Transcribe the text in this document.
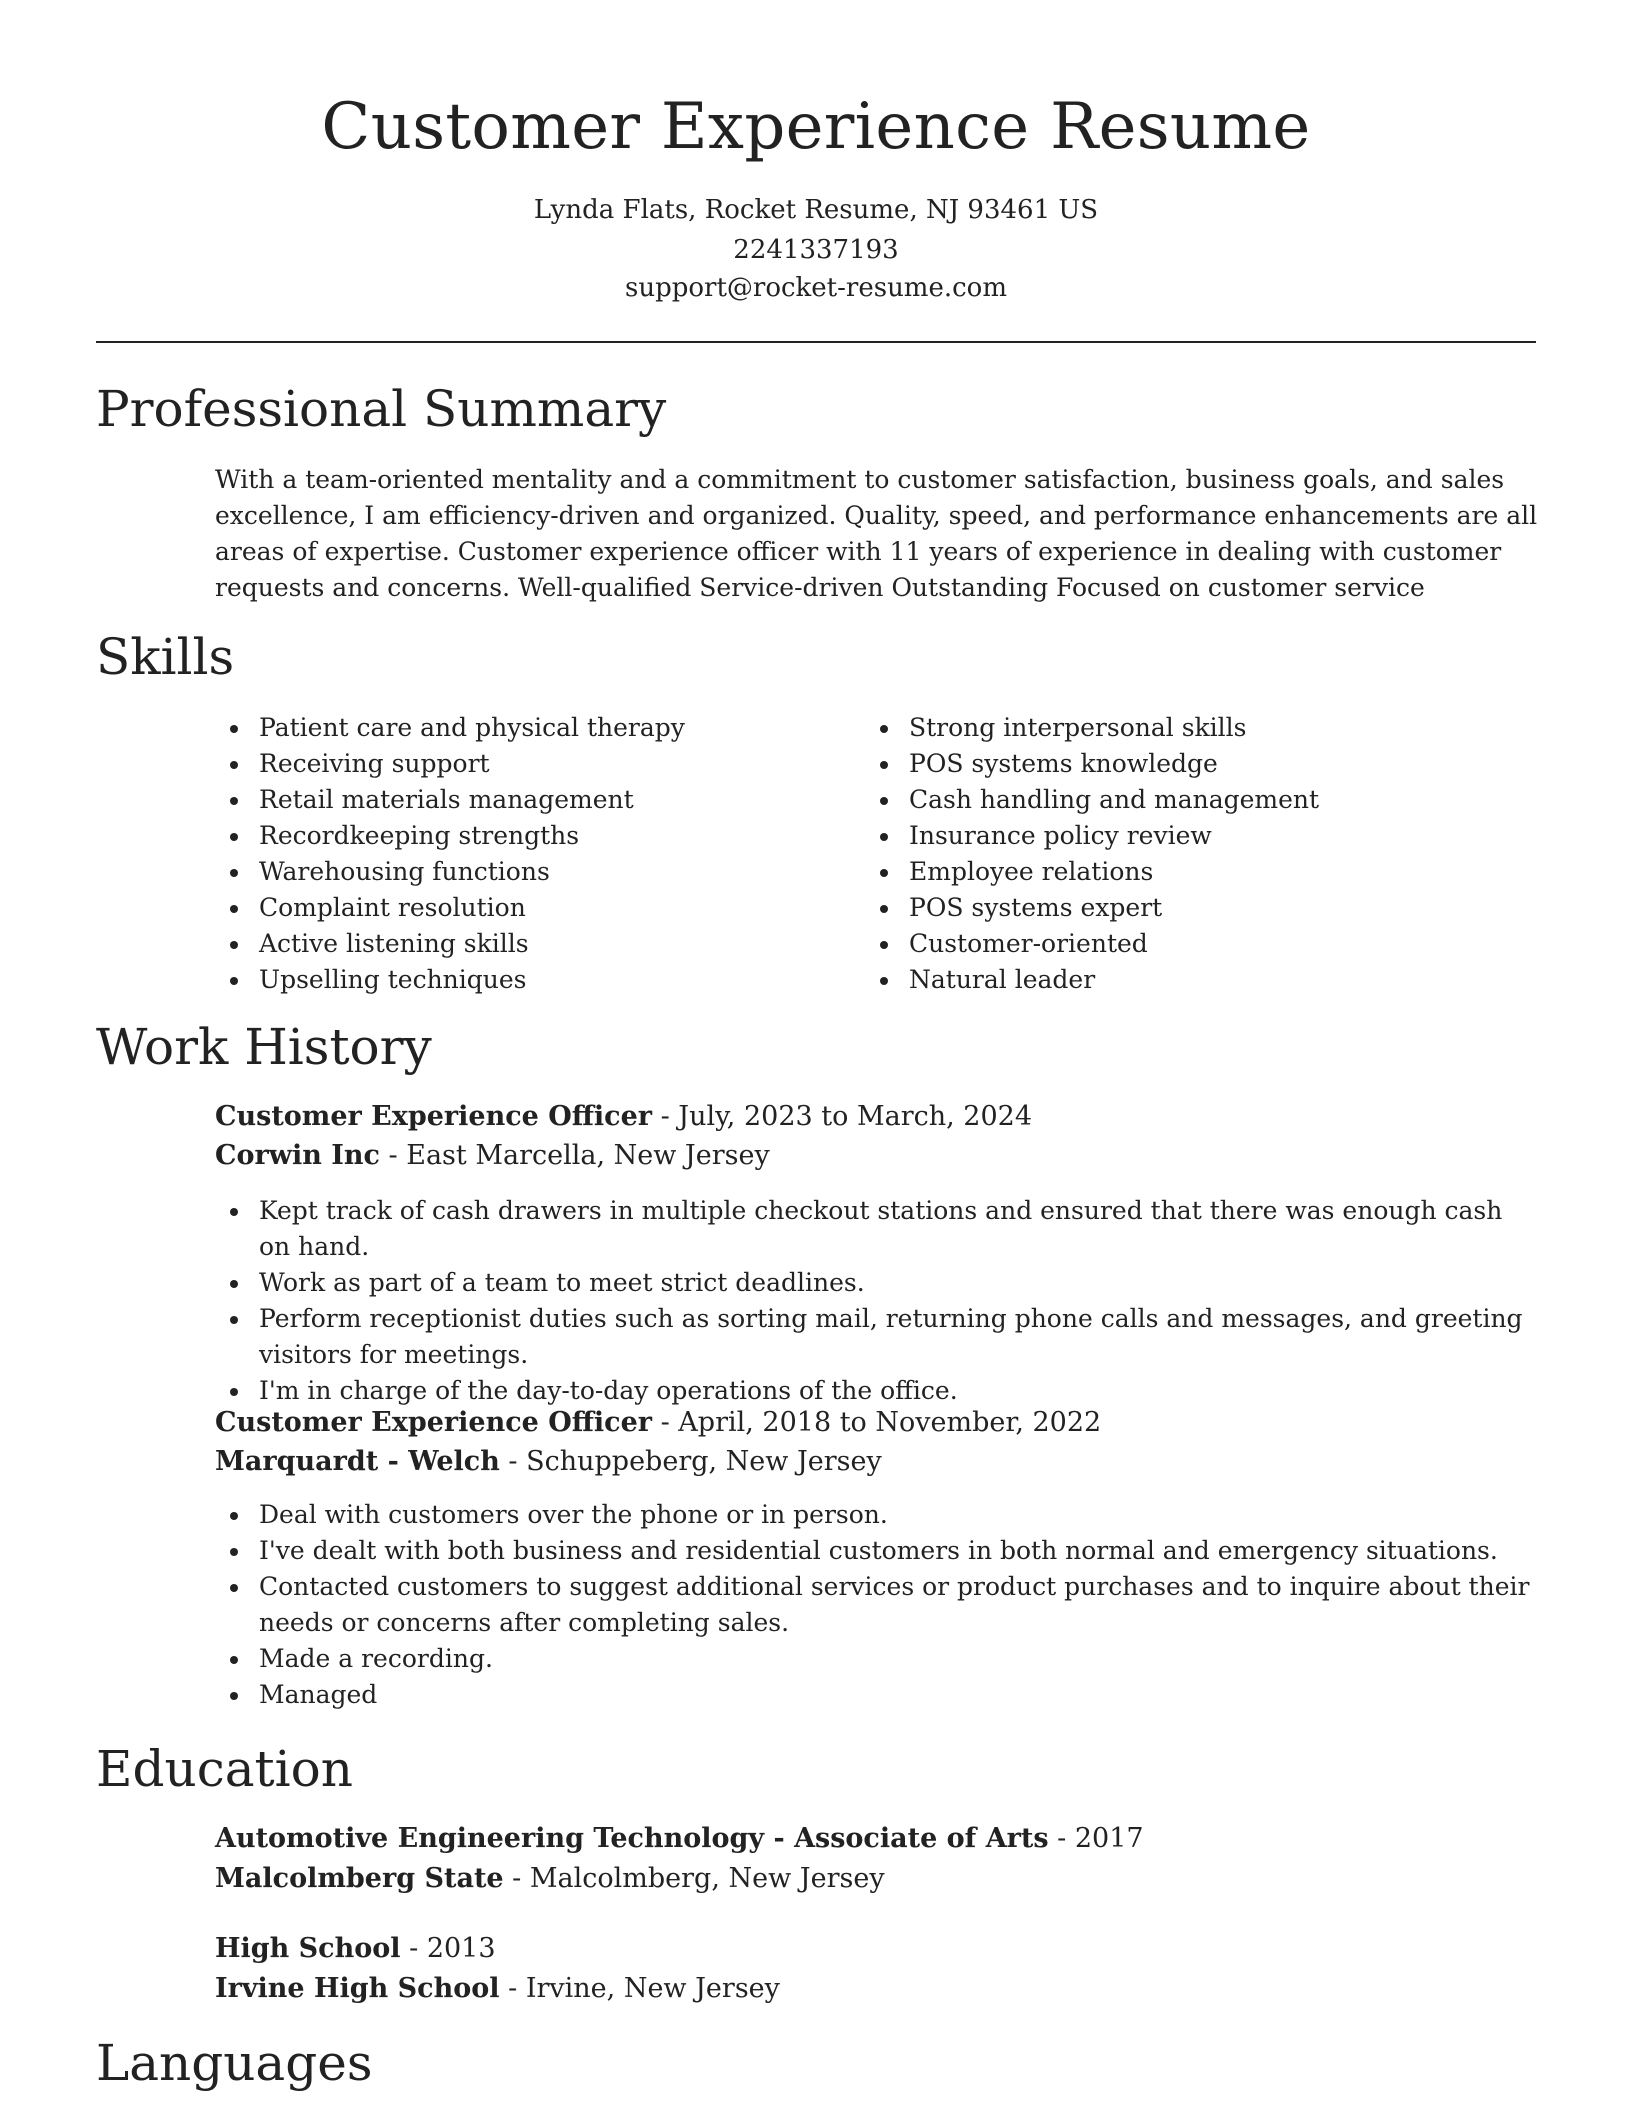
Customer Experience Resume
Lynda Flats, Rocket Resume, NJ 93461 US
2241337193
support@rocket-resume.com
Professional Summary
With a team-oriented mentality and a commitment to customer satisfaction, business goals, and sales excellence, I am efficiency-driven and organized. Quality, speed, and performance enhancements are all areas of expertise. Customer experience officer with 11 years of experience in dealing with customer requests and concerns. Well-qualified Service-driven Outstanding Focused on customer service
Skills
Patient care and physical therapy
Receiving support
Retail materials management
Recordkeeping strengths
Warehousing functions
Complaint resolution
Active listening skills
Upselling techniques
Strong interpersonal skills
POS systems knowledge
Cash handling and management
Insurance policy review
Employee relations
POS systems expert
Customer-oriented
Natural leader
Work History
Customer Experience Officer - July, 2023 to March, 2024
Corwin Inc - East Marcella, New Jersey
Kept track of cash drawers in multiple checkout stations and ensured that there was enough cash on hand.
Work as part of a team to meet strict deadlines.
Perform receptionist duties such as sorting mail, returning phone calls and messages, and greeting visitors for meetings.
I'm in charge of the day-to-day operations of the office.
Customer Experience Officer - April, 2018 to November, 2022
Marquardt - Welch - Schuppeberg, New Jersey
Deal with customers over the phone or in person.
I've dealt with both business and residential customers in both normal and emergency situations.
Contacted customers to suggest additional services or product purchases and to inquire about their needs or concerns after completing sales.
Made a recording.
Managed
Education
Automotive Engineering Technology - Associate of Arts - 2017
Malcolmberg State - Malcolmberg, New Jersey
High School - 2013
Irvine High School - Irvine, New Jersey
Languages
